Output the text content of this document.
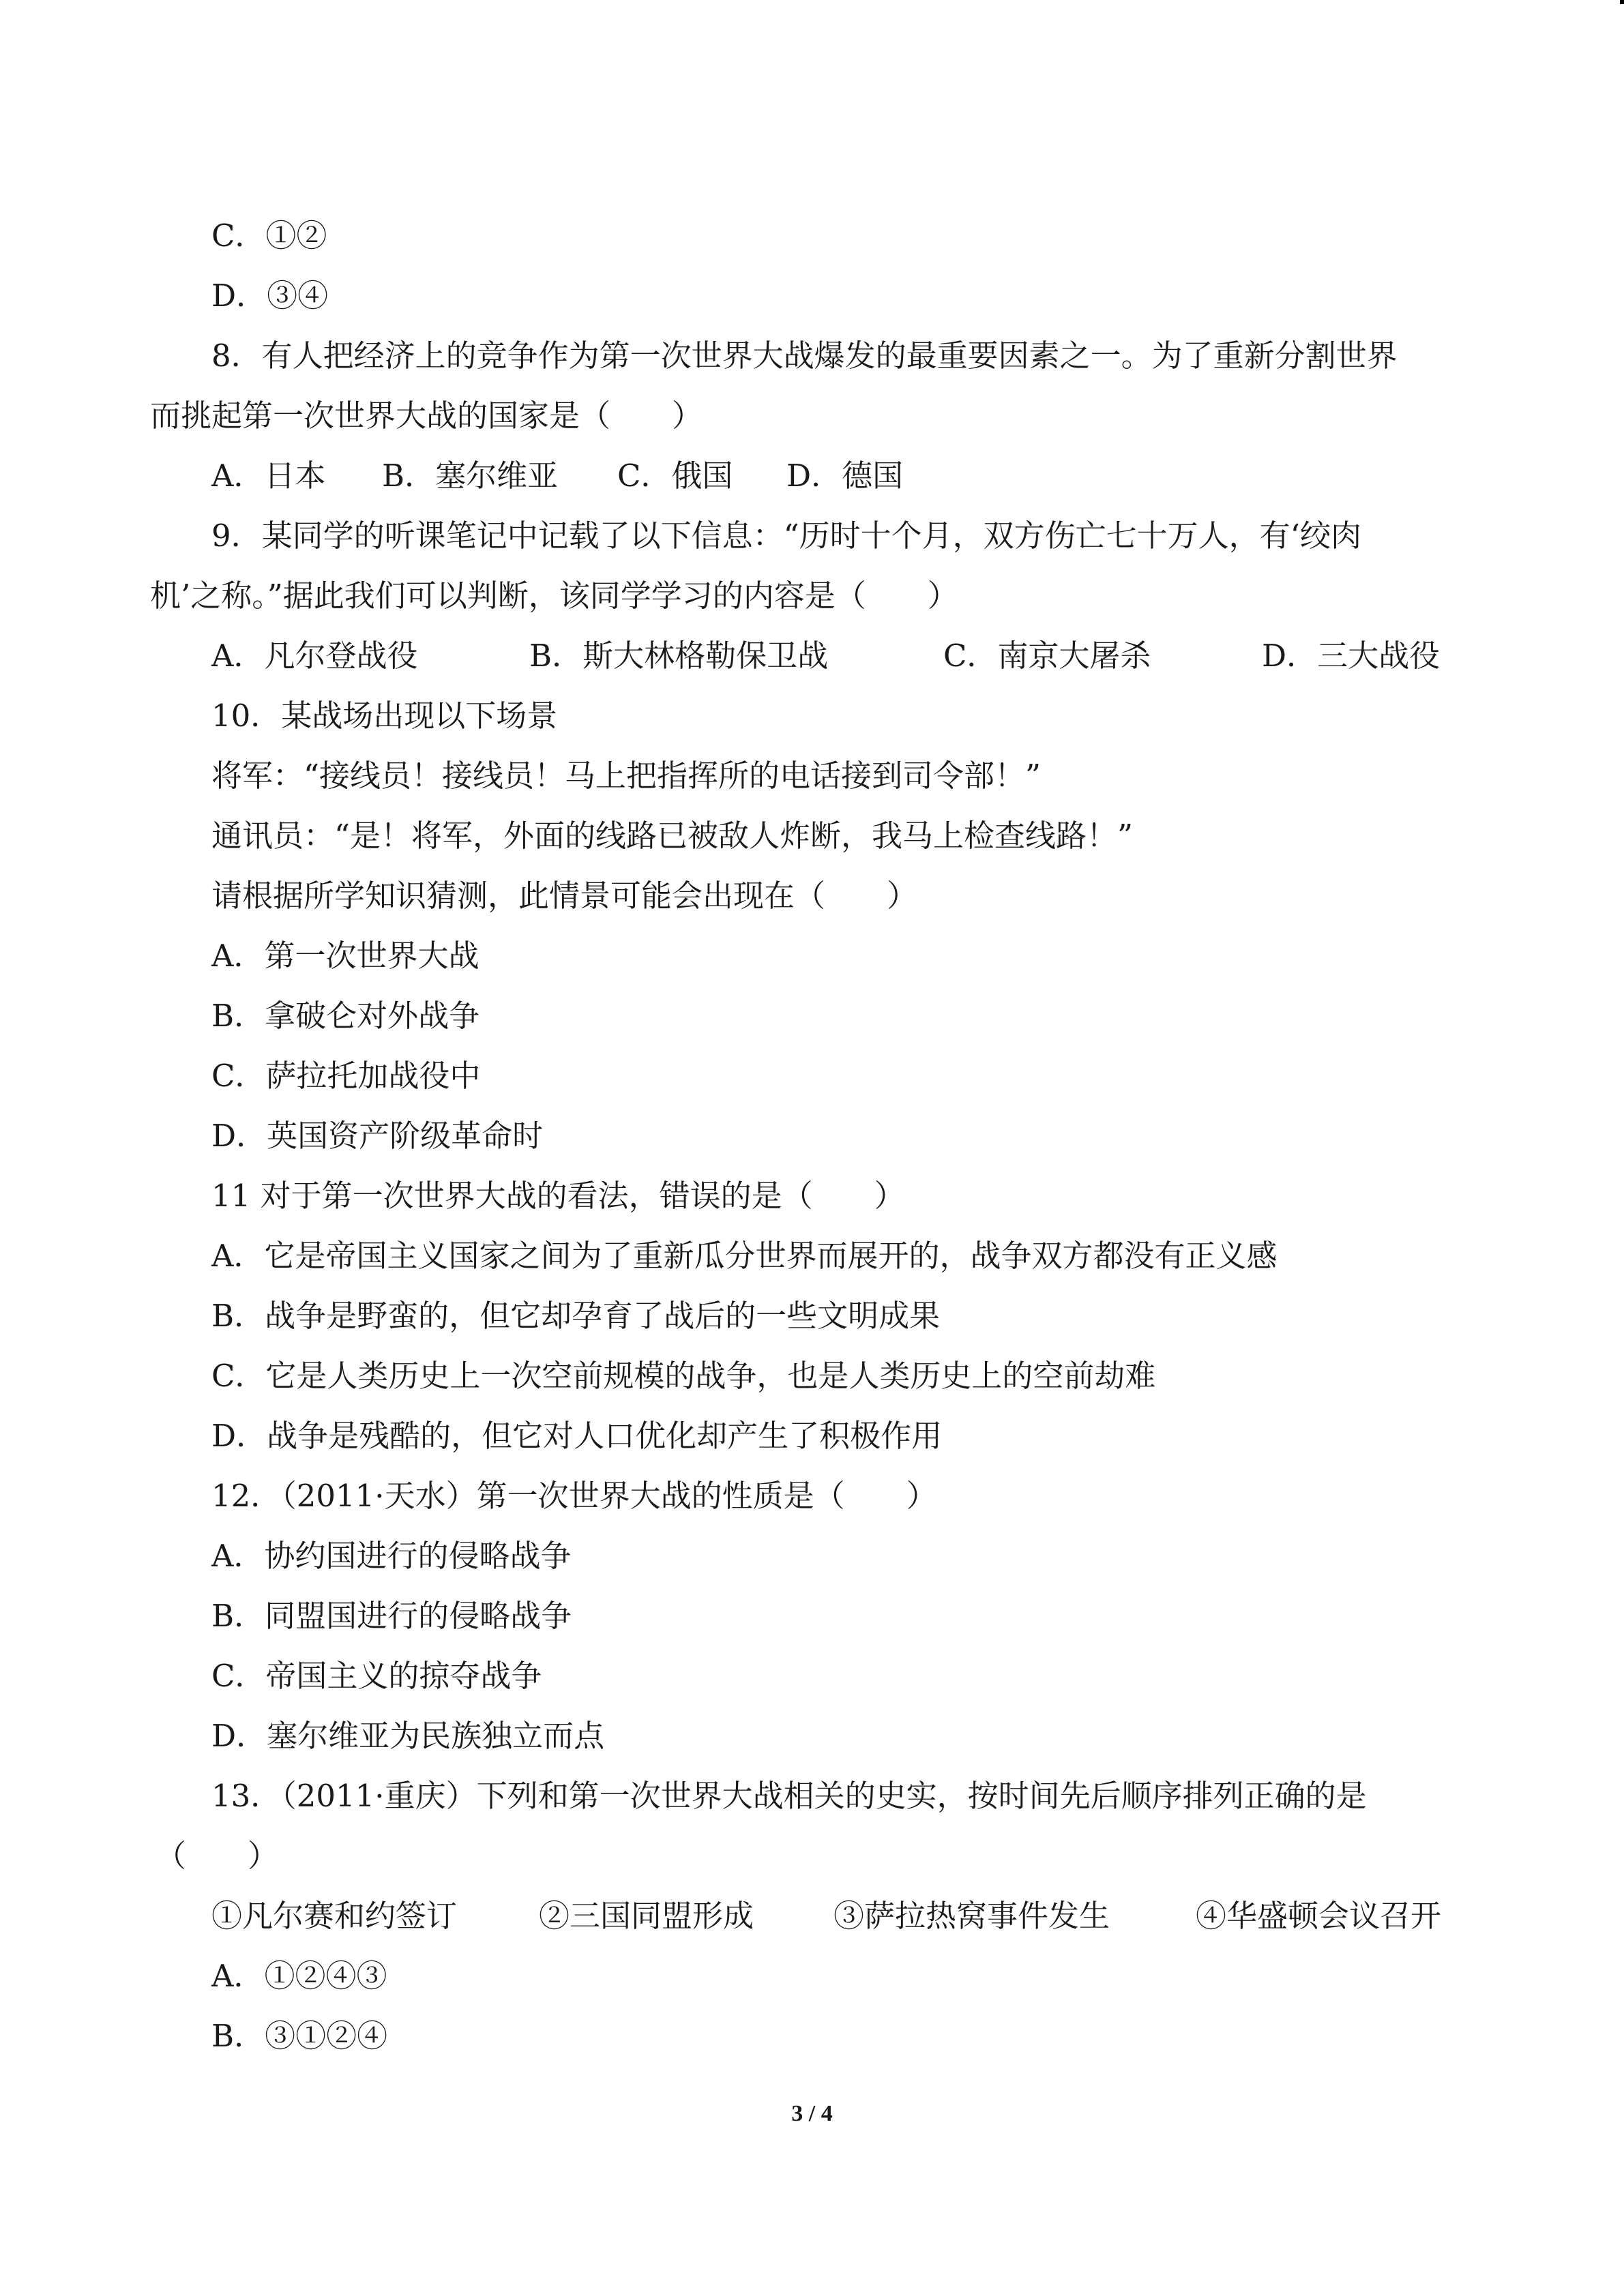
C．①②
D．③④
8．有人把经济上的竞争作为第一次世界大战爆发的最重要因素之一。为了重新分割世界
而挑起第一次世界大战的国家是（　　）
A．日本 B．塞尔维亚 C．俄国 D．德国
9．某同学的听课笔记中记载了以下信息：“历时十个月，双方伤亡七十万人，有‘绞肉
机’之称。”据此我们可以判断，该同学学习的内容是（　　）
A．凡尔登战役	B．斯大林格勒保卫战	C．南京大屠杀	D．三大战役
10．某战场出现以下场景
将军：“接线员！接线员！马上把指挥所的电话接到司令部！”
通讯员：“是！将军，外面的线路已被敌人炸断，我马上检查线路！”
请根据所学知识猜测，此情景可能会出现在（　　）
A．第一次世界大战
B．拿破仑对外战争
C．萨拉托加战役中
D．英国资产阶级革命时
11 对于第一次世界大战的看法，错误的是（　　）
A．它是帝国主义国家之间为了重新瓜分世界而展开的，战争双方都没有正义感
B．战争是野蛮的，但它却孕育了战后的一些文明成果
C．它是人类历史上一次空前规模的战争，也是人类历史上的空前劫难
D．战争是残酷的，但它对人口优化却产生了积极作用
12．（2011·天水）第一次世界大战的性质是（　　）
A．协约国进行的侵略战争
B．同盟国进行的侵略战争
C．帝国主义的掠夺战争
D．塞尔维亚为民族独立而点
13．（2011·重庆）下列和第一次世界大战相关的史实，按时间先后顺序排列正确的是
（　　）
①凡尔赛和约签订	②三国同盟形成	③萨拉热窝事件发生	④华盛顿会议召开
A．①②④③
B．③①②④
3 / 4
